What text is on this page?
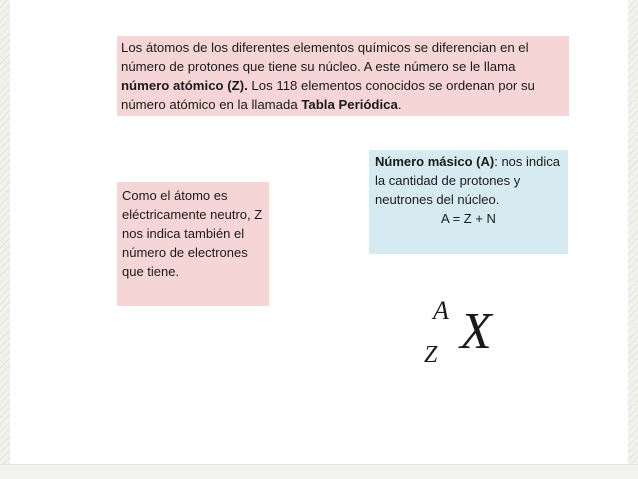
Los átomos de los diferentes elementos químicos se diferencian en el número de protones que tiene su núcleo. A este número se le llama número atómico (Z). Los 118 elementos conocidos se ordenan por su número atómico en la llamada Tabla Periódica.
Como el átomo es eléctricamente neutro, Z nos indica también el número de electrones que tiene.
Número másico (A): nos indica la cantidad de protones y neutrones del núcleo.
A = Z + N
A
Z X
